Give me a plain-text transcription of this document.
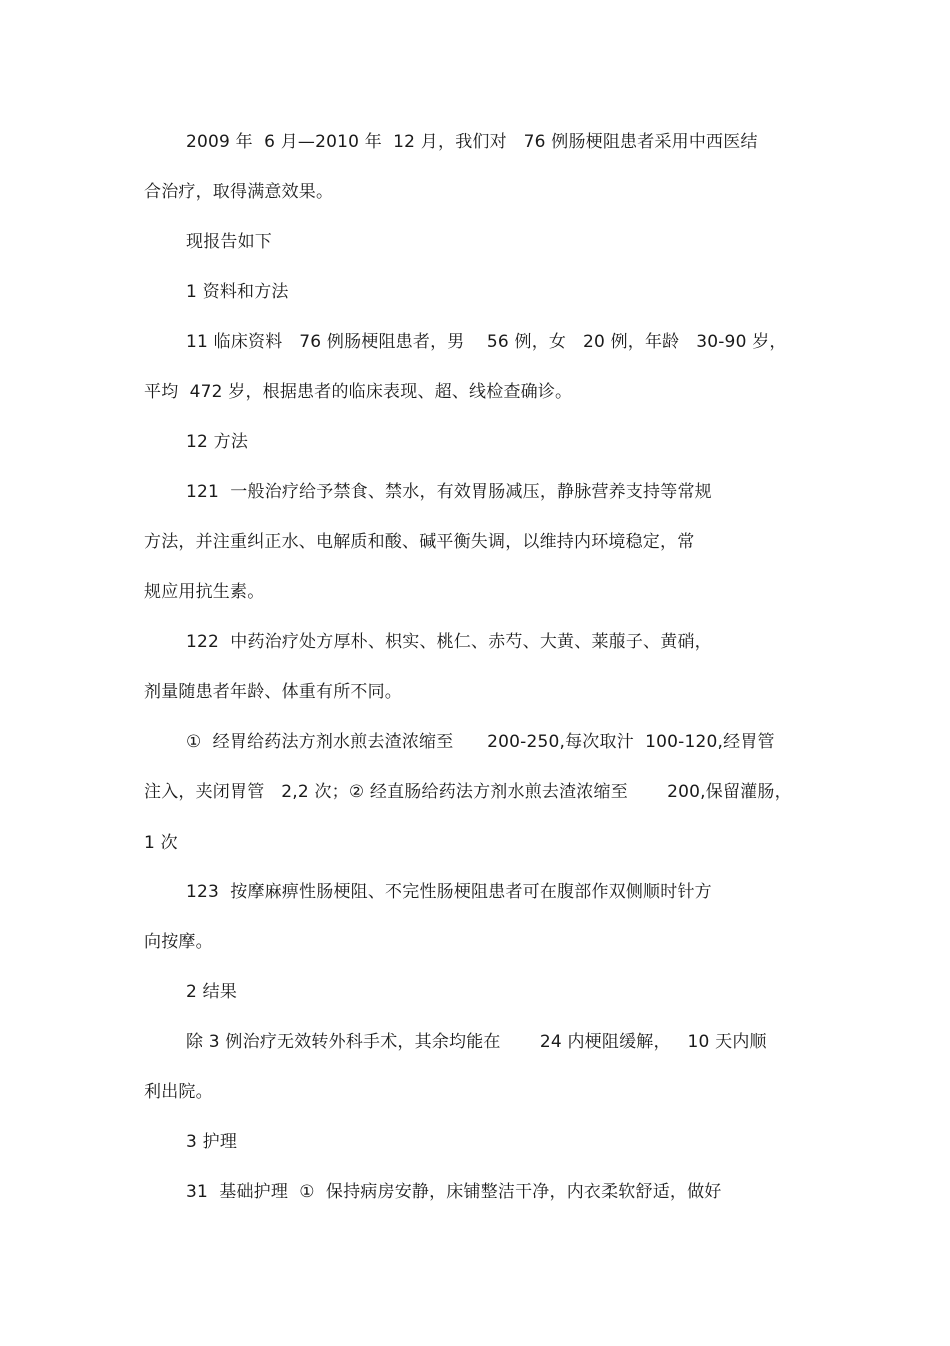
2009 年  6 月—2010 年  12 月，我们对   76 例肠梗阻患者采用中西医结
合治疗，取得满意效果。
现报告如下
1 资料和方法
11 临床资料   76 例肠梗阻患者，男    56 例，女   20 例，年龄   30-90 岁，
平均  472 岁，根据患者的临床表现、超、线检查确诊。
12 方法
121  一般治疗给予禁食、禁水，有效胃肠减压，静脉营养支持等常规
方法，并注重纠正水、电解质和酸、碱平衡失调，以维持内环境稳定，常
规应用抗生素。
122  中药治疗处方厚朴、枳实、桃仁、赤芍、大黄、莱菔子、黄硝，
剂量随患者年龄、体重有所不同。
①  经胃给药法方剂水煎去渣浓缩至      200-250,每次取汁  100-120,经胃管
注入，夹闭胃管   2,2 次；② 经直肠给药法方剂水煎去渣浓缩至       200,保留灌肠，
1 次
123  按摩麻痹性肠梗阻、不完性肠梗阻患者可在腹部作双侧顺时针方
向按摩。
2 结果
除 3 例治疗无效转外科手术，其余均能在       24 内梗阻缓解，   10 天内顺
利出院。
3 护理
31  基础护理  ①  保持病房安静，床铺整洁干净，内衣柔软舒适，做好
